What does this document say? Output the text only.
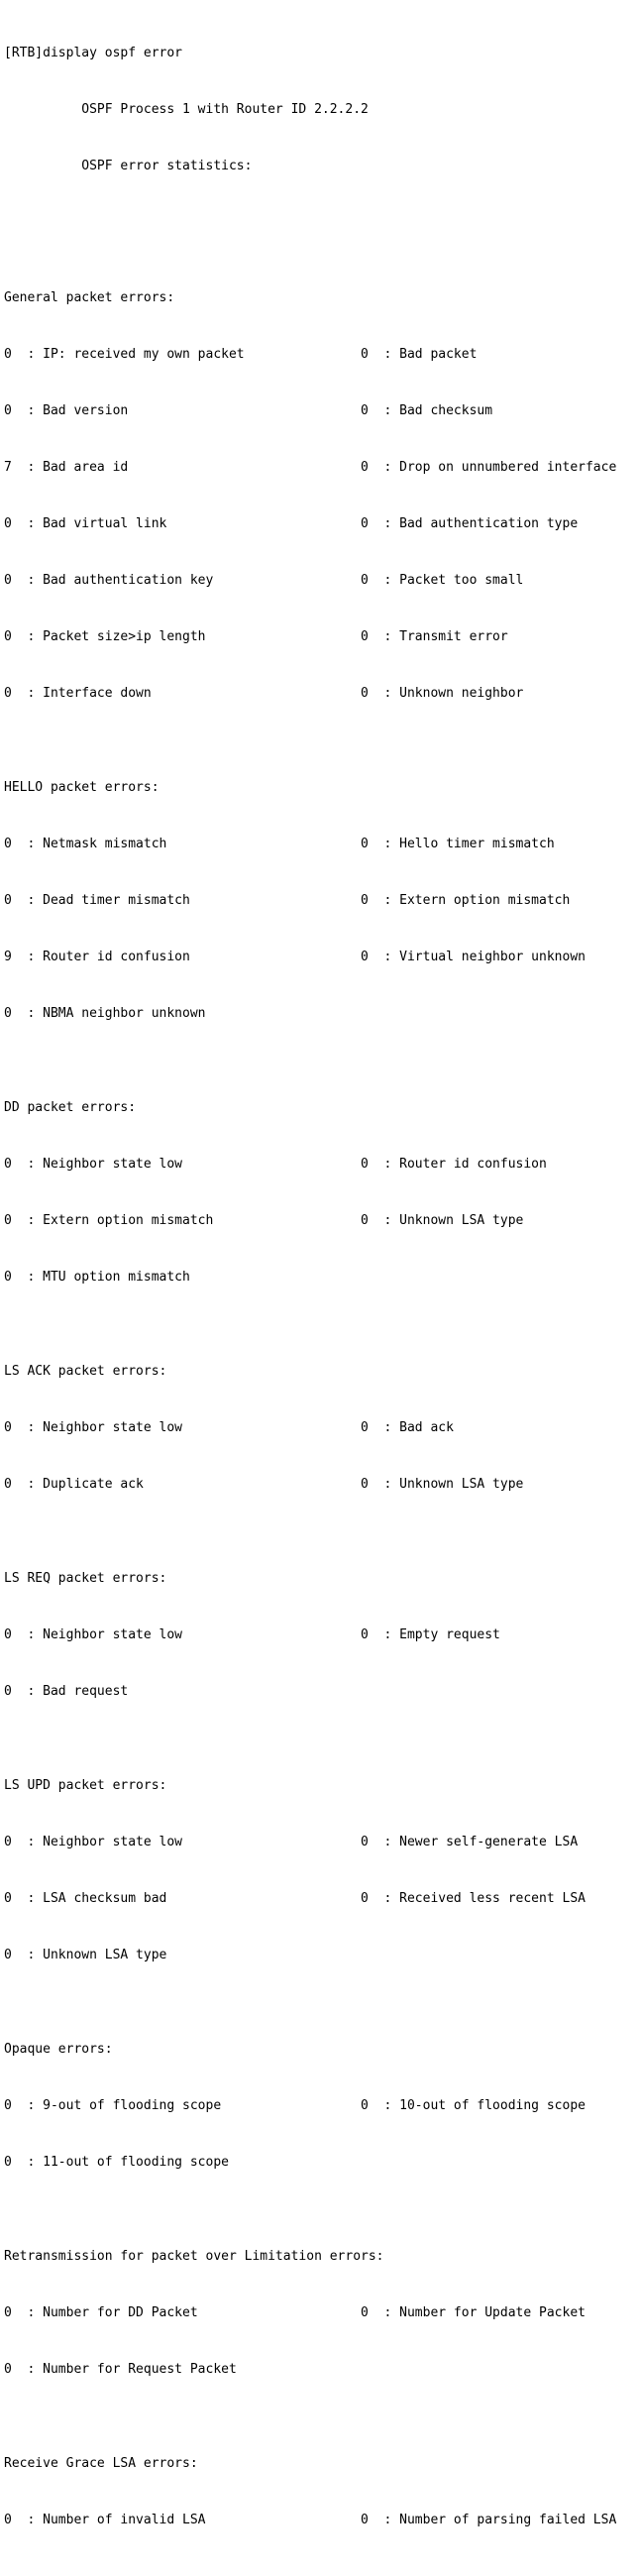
[RTB]display ospf error

OSPF Process 1 with Router ID 2.2.2.2

OSPF error statistics:

General packet errors:

0  : IP: received my own packet	0  : Bad packet

0  : Bad version	0  : Bad checksum

7  : Bad area id	0  : Drop on unnumbered interface

0  : Bad virtual link	0  : Bad authentication type

0  : Bad authentication key	0  : Packet too small

0  : Packet size>ip length	0  : Transmit error

0  : Interface down	0  : Unknown neighbor

HELLO packet errors:

0  : Netmask mismatch	0  : Hello timer mismatch

0  : Dead timer mismatch	0  : Extern option mismatch

9  : Router id confusion	0  : Virtual neighbor unknown

0  : NBMA neighbor unknown

DD packet errors:

0  : Neighbor state low	0  : Router id confusion

0  : Extern option mismatch	0  : Unknown LSA type

0  : MTU option mismatch

LS ACK packet errors:

0  : Neighbor state low	0  : Bad ack

0  : Duplicate ack	0  : Unknown LSA type

LS REQ packet errors:

0  : Neighbor state low	0  : Empty request

0  : Bad request

LS UPD packet errors:

0  : Neighbor state low	0  : Newer self-generate LSA

0  : LSA checksum bad	0  : Received less recent LSA

0  : Unknown LSA type

Opaque errors:

0  : 9-out of flooding scope	0  : 10-out of flooding scope

0  : 11-out of flooding scope

Retransmission for packet over Limitation errors:

0  : Number for DD Packet	0  : Number for Update Packet

0  : Number for Request Packet

Receive Grace LSA errors:

0  : Number of invalid LSA	0  : Number of parsing failed LSA
